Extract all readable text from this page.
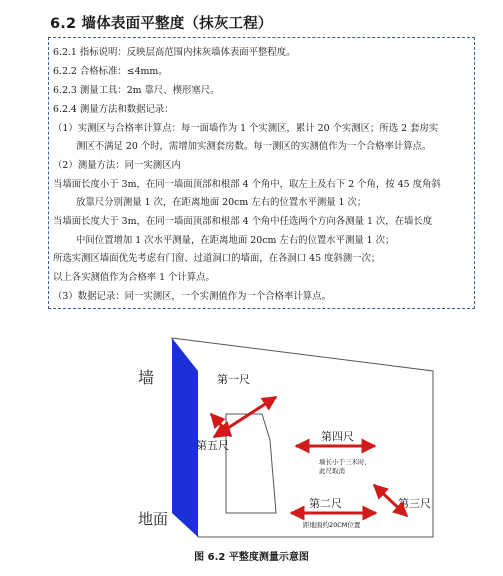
6.2 墙体表面平整度（抹灰工程）
6.2.1 指标说明：反映层高范围内抹灰墙体表面平整程度。
6.2.2 合格标准：≤4mm。
6.2.3 测量工具：2m 靠尺、楔形塞尺。
6.2.4 测量方法和数据记录：
（1）实测区与合格率计算点：每一面墙作为 1 个实测区，累计 20 个实测区；所选 2 套房实
测区不满足 20 个时，需增加实测套房数。每一测区的实测值作为一个合格率计算点。
（2）测量方法：同一实测区内
当墙面长度小于 3m，在同一墙面顶部和根部 4 个角中，取左上及右下 2 个角，按 45 度角斜
放靠尺分别测量 1 次，在距离地面 20cm 左右的位置水平测量 1 次；
当墙面长度大于 3m，在同一墙面顶部和根部 4 个角中任选两个方向各测量 1 次，在墙长度
中间位置增加 1 次水平测量，在距离地面 20cm 左右的位置水平测量 1 次；
所选实测区墙面优先考虑有门窗、过道洞口的墙面，在各洞口 45 度斜测一次；
以上各实测值作为合格率 1 个计算点。
（3）数据记录：同一实测区，一个实测值作为一个合格率计算点。
墙
地面
第一尺
第五尺
第四尺
第二尺	第三尺
墙长小于三米时，
此尺取消
距地面约20CM位置
图 6.2 平整度测量示意图
